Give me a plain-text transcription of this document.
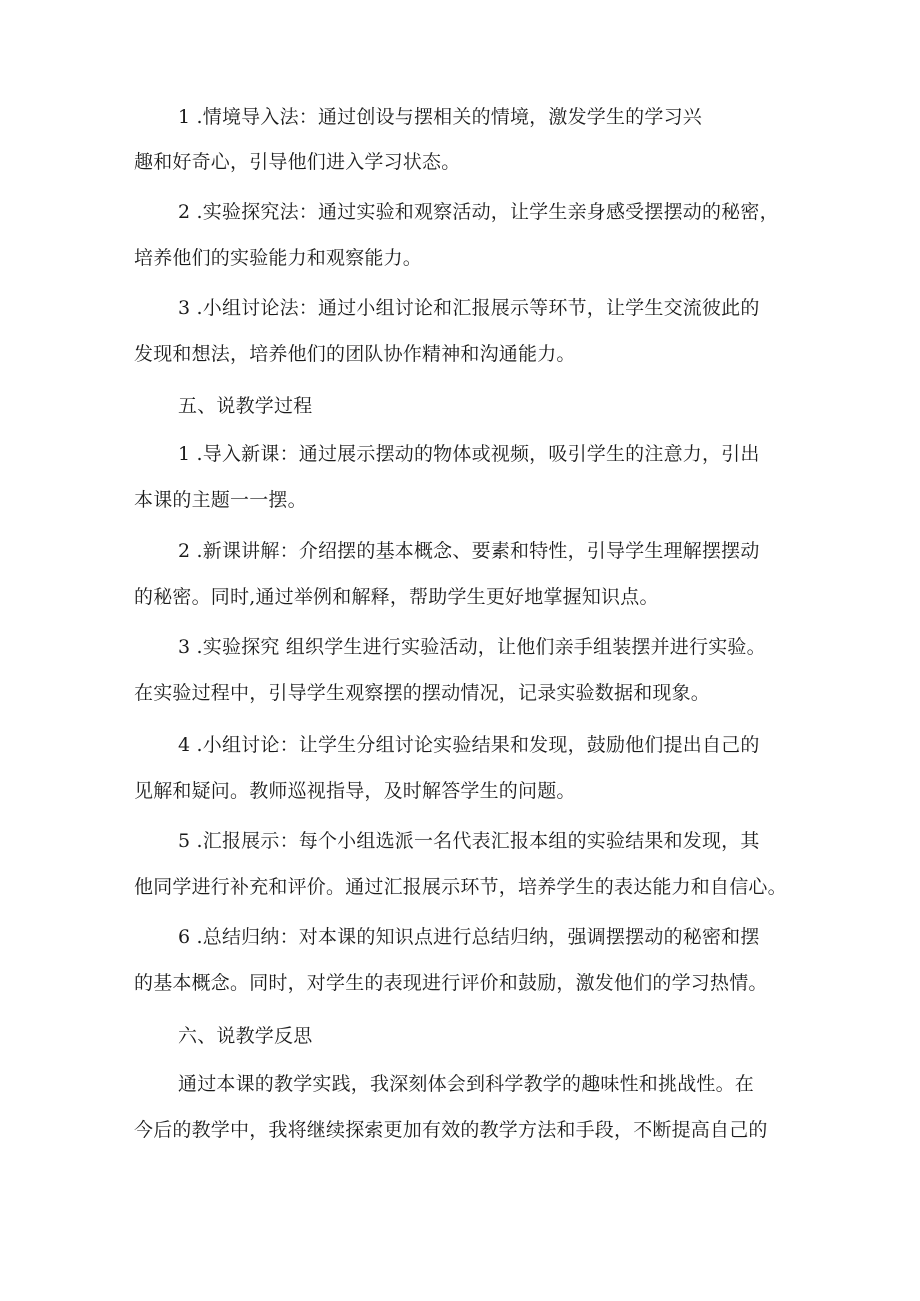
1 .情境导入法：通过创设与摆相关的情境，激发学生的学习兴
趣和好奇心，引导他们进入学习状态。
2 .实验探究法：通过实验和观察活动，让学生亲身感受摆摆动的秘密，
培养他们的实验能力和观察能力。
3 .小组讨论法：通过小组讨论和汇报展示等环节，让学生交流彼此的
发现和想法，培养他们的团队协作精神和沟通能力。
五、说教学过程
1 .导入新课：通过展示摆动的物体或视频，吸引学生的注意力，引出
本课的主题一一摆。
2 .新课讲解：介绍摆的基本概念、要素和特性，引导学生理解摆摆动
的秘密。同时,通过举例和解释，帮助学生更好地掌握知识点。
3 .实验探究 组织学生进行实验活动，让他们亲手组装摆并进行实验。
在实验过程中，引导学生观察摆的摆动情况，记录实验数据和现象。
4 .小组讨论：让学生分组讨论实验结果和发现，鼓励他们提出自己的
见解和疑问。教师巡视指导，及时解答学生的问题。
5 .汇报展示：每个小组选派一名代表汇报本组的实验结果和发现，其
他同学进行补充和评价。通过汇报展示环节，培养学生的表达能力和自信心。
6 .总结归纳：对本课的知识点进行总结归纳，强调摆摆动的秘密和摆
的基本概念。同时，对学生的表现进行评价和鼓励，激发他们的学习热情。
六、说教学反思
通过本课的教学实践，我深刻体会到科学教学的趣味性和挑战性。在
今后的教学中，我将继续探索更加有效的教学方法和手段，不断提高自己的
